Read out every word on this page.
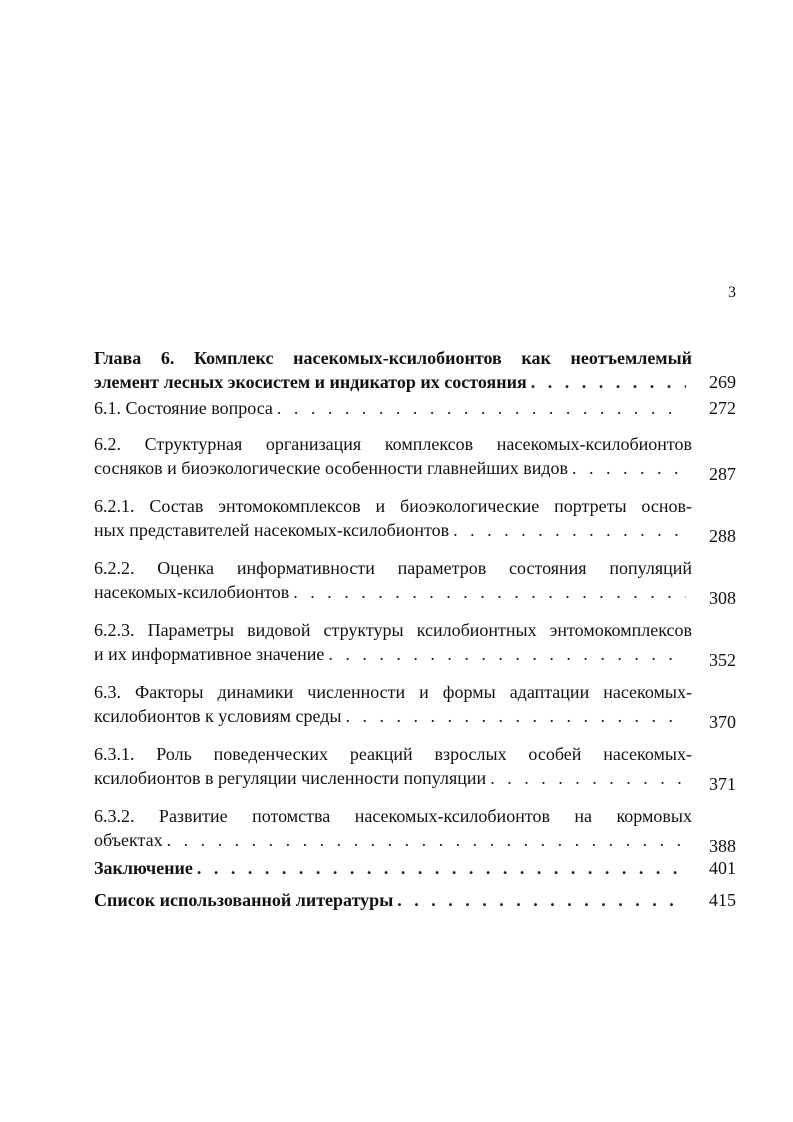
3
Глава 6. Комплекс насекомых-ксилобионтов как неотъемлемый
элемент лесных экосистем и индикатор их состояния . . .	269
6.1. Состояние вопроса . . .	272
6.2. Структурная организация комплексов насекомых-ксилобионтов
сосняков и биоэкологические особенности главнейших видов . . .	287
6.2.1. Состав энтомокомплексов и биоэкологические портреты основ-
ных представителей насекомых-ксилобионтов . . .	288
6.2.2. Оценка информативности параметров состояния популяций
насекомых-ксилобионтов . . .	308
6.2.3. Параметры видовой структуры ксилобионтных энтомокомплексов
и их информативное значение . . .	352
6.3. Факторы динамики численности и формы адаптации насекомых-
ксилобионтов к условиям среды . . .	370
6.3.1. Роль поведенческих реакций взрослых особей насекомых-
ксилобионтов в регуляции численности популяции . . .	371
6.3.2. Развитие потомства насекомых-ксилобионтов на кормовых
объектах . . .	388
Заключение . . .	401
Список использованной литературы . . .	415
